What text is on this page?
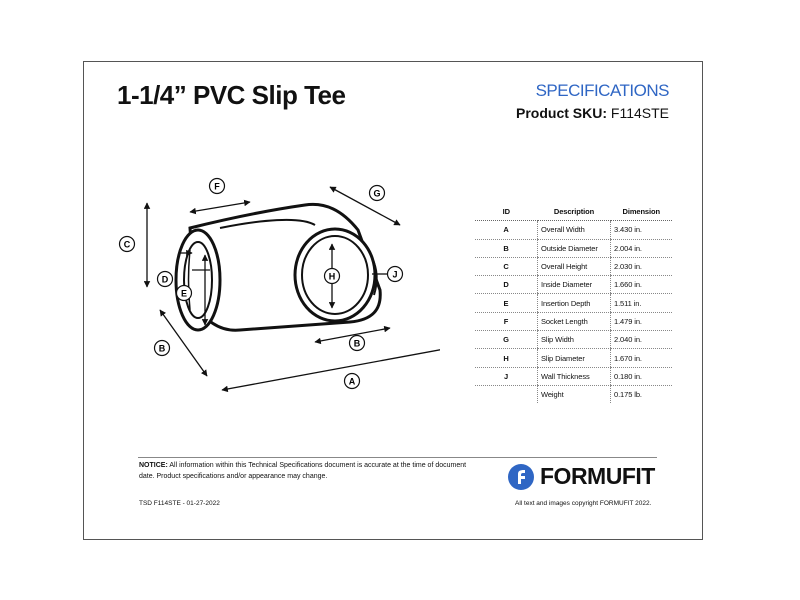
1-1/4” PVC Slip Tee	SPECIFICATIONS
Product SKU: F114STE
F
G
C
D
E
H	J
B	B
A
ID	Description	Dimension
A	Overall Width	3.430 in.
B	Outside Diameter	2.004 in.
C	Overall Height	2.030 in.
D	Inside Diameter	1.660 in.
E	Insertion Depth	1.511 in.
F	Socket Length	1.479 in.
G	Slip Width	2.040 in.
H	Slip Diameter	1.670 in.
J	Wall Thickness	0.180 in.
	Weight	0.175 lb.
NOTICE: All information within this Technical Specifications document is accurate at the time of document date. Product specifications and/or appearance may change.	FORMUFIT
TSD F114STE - 01-27-2022	All text and images copyright FORMUFIT 2022.
